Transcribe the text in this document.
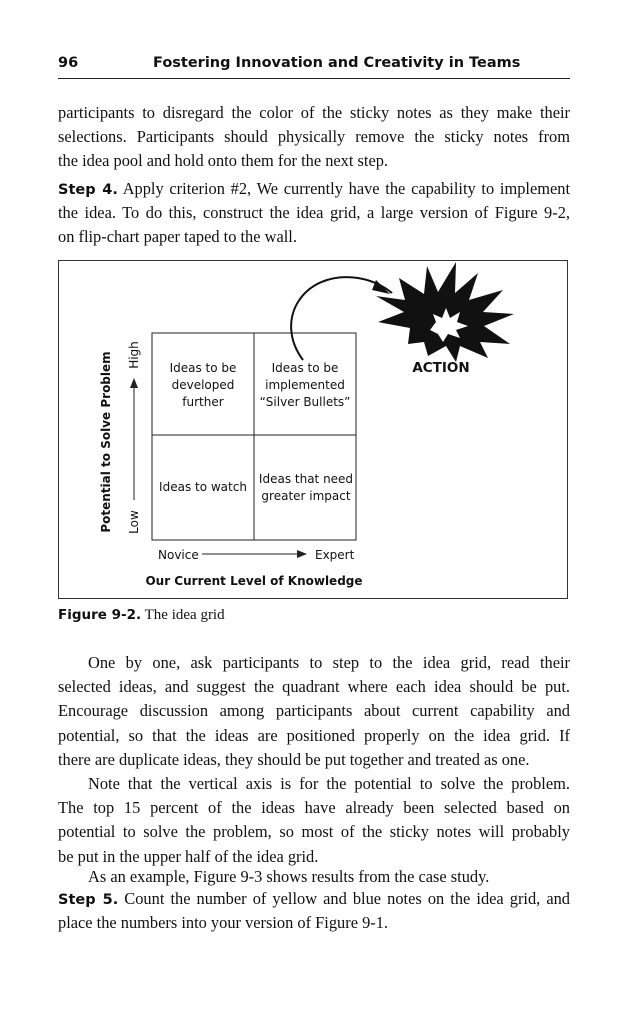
96	Fostering Innovation and Creativity in Teams
participants to disregard the color of the sticky notes as they make their
selections. Participants should physically remove the sticky notes from
the idea pool and hold onto them for the next step.
Step 4. Apply criterion #2, We currently have the capability to implement
the idea. To do this, construct the idea grid, a large version of Figure 9-2,
on flip-chart paper taped to the wall.
Ideas to be
developed
further
Ideas to be
implemented
“Silver Bullets”
Ideas to watch
Ideas that need
greater impact
Potential to Solve Problem High
Low
Novice	Expert
Our Current Level of Knowledge
ACTION
Figure 9-2. The idea grid
One by one, ask participants to step to the idea grid, read their
selected ideas, and suggest the quadrant where each idea should be put.
Encourage discussion among participants about current capability and
potential, so that the ideas are positioned properly on the idea grid. If
there are duplicate ideas, they should be put together and treated as one.
Note that the vertical axis is for the potential to solve the problem.
The top 15 percent of the ideas have already been selected based on
potential to solve the problem, so most of the sticky notes will probably
be put in the upper half of the idea grid.
As an example, Figure 9-3 shows results from the case study.
Step 5. Count the number of yellow and blue notes on the idea grid, and
place the numbers into your version of Figure 9-1.
